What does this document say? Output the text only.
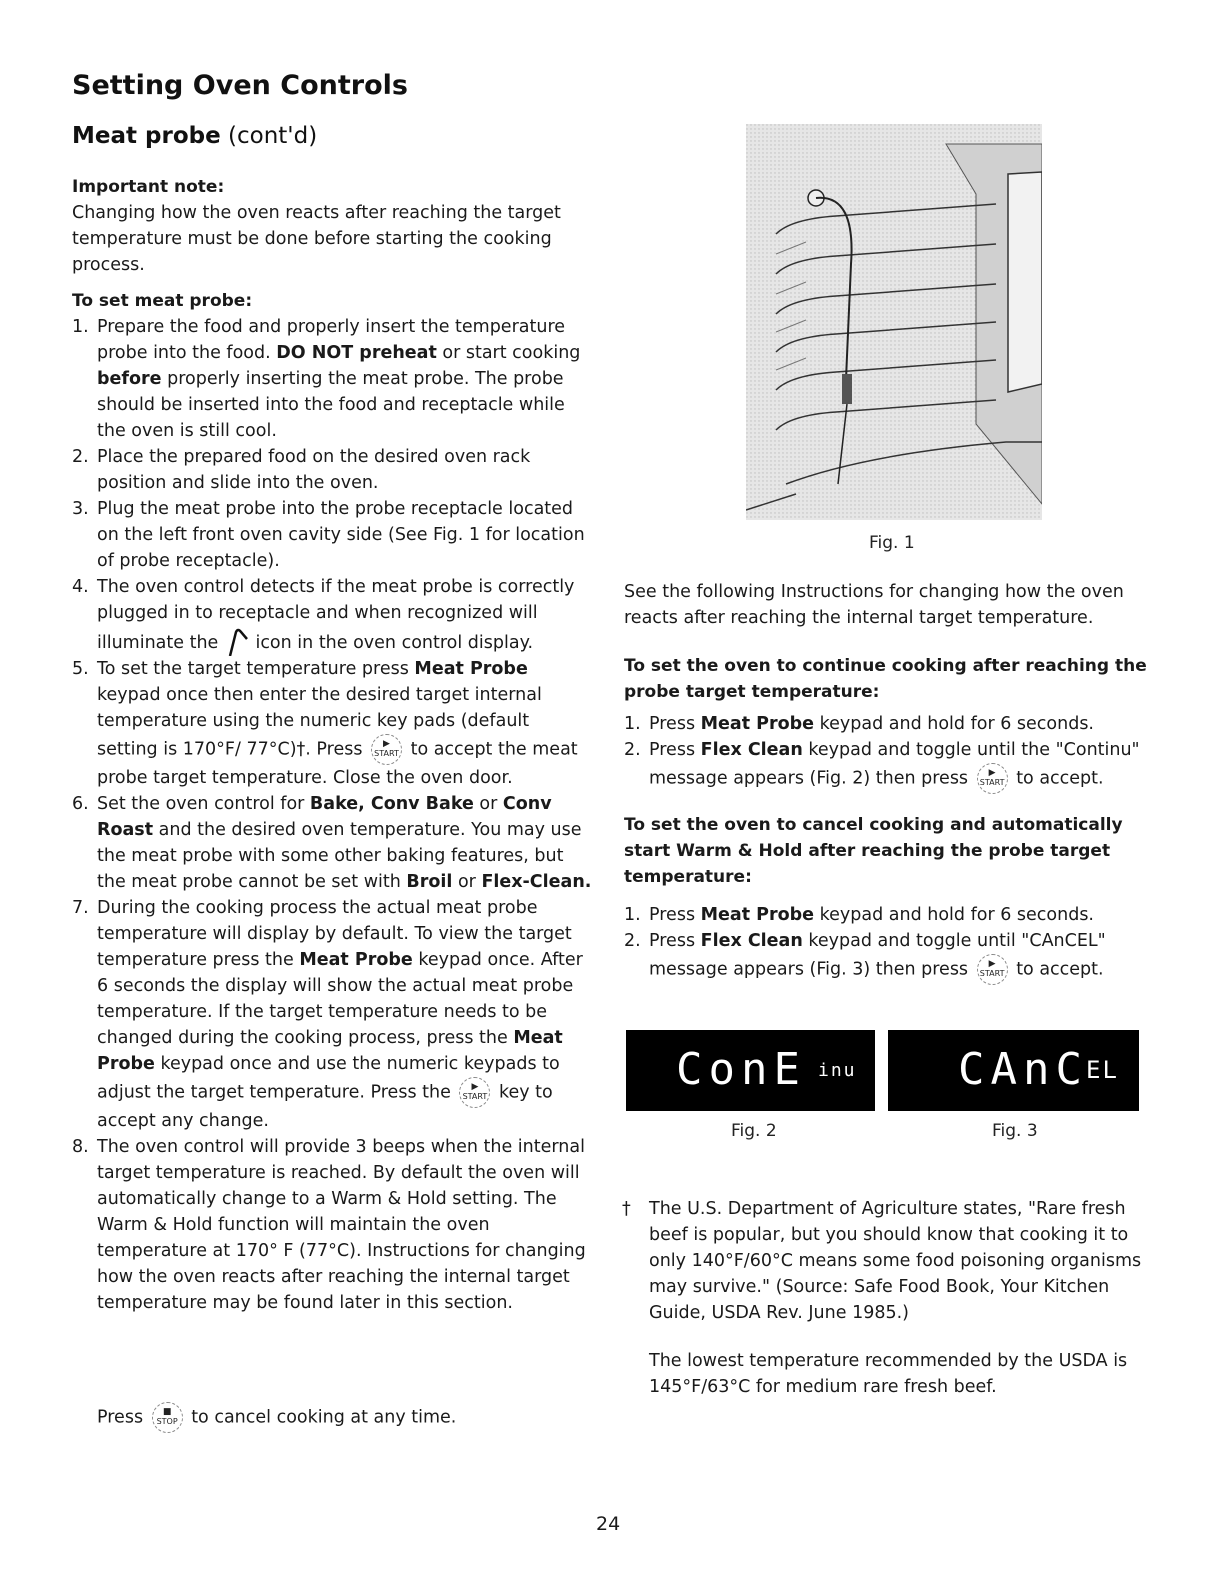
Setting Oven Controls
Meat probe (cont'd)

Important note:

Changing how the oven reacts after reaching the target temperature must be done before starting the cooking process.

To set meat probe:

1. Prepare the food and properly insert the temperature probe into the food. DO NOT preheat or start cooking before properly inserting the meat probe. The probe should be inserted into the food and receptacle while the oven is still cool.
2. Place the prepared food on the desired oven rack position and slide into the oven.
3. Plug the meat probe into the probe receptacle located on the left front oven cavity side (See Fig. 1 for location of probe receptacle).
4. The oven control detects if the meat probe is correctly plugged in to receptacle and when recognized will illuminate the  icon in the oven control display.
5. To set the target temperature press Meat Probe keypad once then enter the desired target internal temperature using the numeric key pads (default setting is 170°F/ 77°C)†. Press	▶
START to accept the meat probe target temperature. Close the oven door.
6. Set the oven control for Bake, Conv Bake or Conv Roast and the desired oven temperature. You may use the meat probe with some other baking features, but the meat probe cannot be set with Broil or Flex-Clean.
7. During the cooking process the actual meat probe temperature will display by default. To view the target temperature press the Meat Probe keypad once. After 6 seconds the display will show the actual meat probe temperature. If the target temperature needs to be changed during the cooking process, press the Meat Probe keypad once and use the numeric keypads to adjust the target temperature. Press the	▶
START key to accept any change.
8. The oven control will provide 3 beeps when the internal target temperature is reached. By default the oven will automatically change to a Warm & Hold setting. The Warm & Hold function will maintain the oven temperature at 170° F (77°C). Instructions for changing how the oven reacts after reaching the internal target temperature may be found later in this section.
Press	■
STOP to cancel cooking at any time.
Fig. 1

See the following Instructions for changing how the oven reacts after reaching the internal target temperature.

To set the oven to continue cooking after reaching the probe target temperature:

1. Press Meat Probe keypad and hold for 6 seconds.
2. Press Flex Clean keypad and toggle until the "Continu" message appears (Fig. 2) then press	▶
START to accept.

To set the oven to cancel cooking and automatically start Warm & Hold after reaching the probe target temperature:

1. Press Meat Probe keypad and hold for 6 seconds.
2. Press Flex Clean keypad and toggle until "CAnCEL" message appears (Fig. 3) then press	▶
START to accept.
ConE inu CAnC
EL
Fig. 2	Fig. 3
†	The U.S. Department of Agriculture states, "Rare fresh beef is popular, but you should know that cooking it to only 140°F/60°C means some food poisoning organisms may survive." (Source: Safe Food Book, Your Kitchen Guide, USDA Rev. June 1985.)

The lowest temperature recommended by the USDA is 145°F/63°C for medium rare fresh beef.

24
